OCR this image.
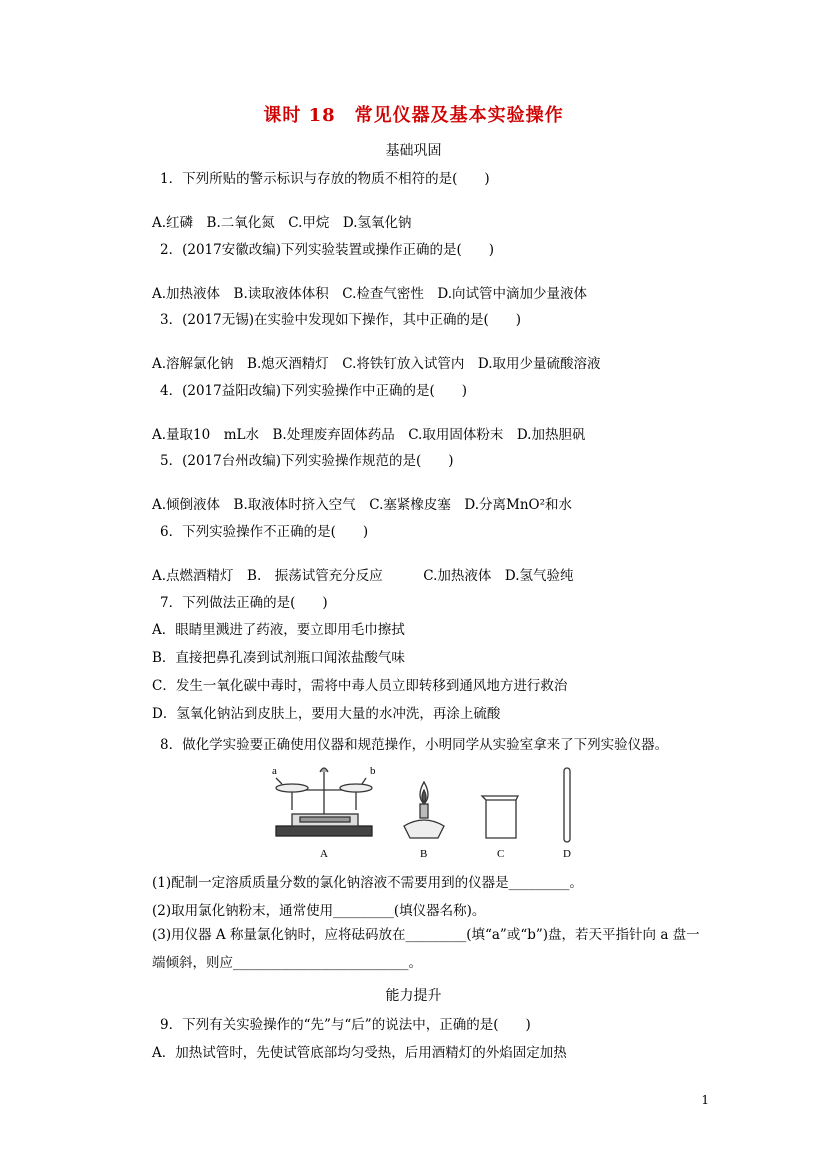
课时 18　常见仪器及基本实验操作
基础巩固
1．下列所贴的警示标识与存放的物质不相符的是(　　)
A.红磷　B.二氧化氮　C.甲烷　D.氢氧化钠
2．(2017安徽改编)下列实验装置或操作正确的是(　　)
A.加热液体　B.读取液体体积　C.检查气密性　D.向试管中滴加少量液体
3．(2017无锡)在实验中发现如下操作，其中正确的是(　　)
A.溶解氯化钠　B.熄灭酒精灯　C.将铁钉放入试管内　D.取用少量硫酸溶液
4．(2017益阳改编)下列实验操作中正确的是(　　)
A.量取10　mL水　B.处理废弃固体药品　C.取用固体粉末　D.加热胆矾
5．(2017台州改编)下列实验操作规范的是(　　)
A.倾倒液体　B.取液体时挤入空气　C.塞紧橡皮塞　D.分离MnO²和水
6．下列实验操作不正确的是(　　)
A.点燃酒精灯　B.　振荡试管充分反应　　　C.加热液体　D.氢气验纯
7．下列做法正确的是(　　)
A．眼睛里溅进了药液，要立即用毛巾擦拭
B．直接把鼻孔凑到试剂瓶口闻浓盐酸气味
C．发生一氧化碳中毒时，需将中毒人员立即转移到通风地方进行救治
D．氢氧化钠沾到皮肤上，要用大量的水冲洗，再涂上硫酸
8．做化学实验要正确使用仪器和规范操作，小明同学从实验室拿来了下列实验仪器。
a	b
A	B	C	D
(1)配制一定溶质质量分数的氯化钠溶液不需要用到的仪器是_________。
(2)取用氯化钠粉末，通常使用_________(填仪器名称)。
(3)用仪器 A 称量氯化钠时，应将砝码放在_________(填“a”或“b”)盘，若天平指针向 a 盘一端倾斜，则应__________________________。
能力提升
9．下列有关实验操作的“先”与“后”的说法中，正确的是(　　)
A．加热试管时，先使试管底部均匀受热，后用酒精灯的外焰固定加热
1
